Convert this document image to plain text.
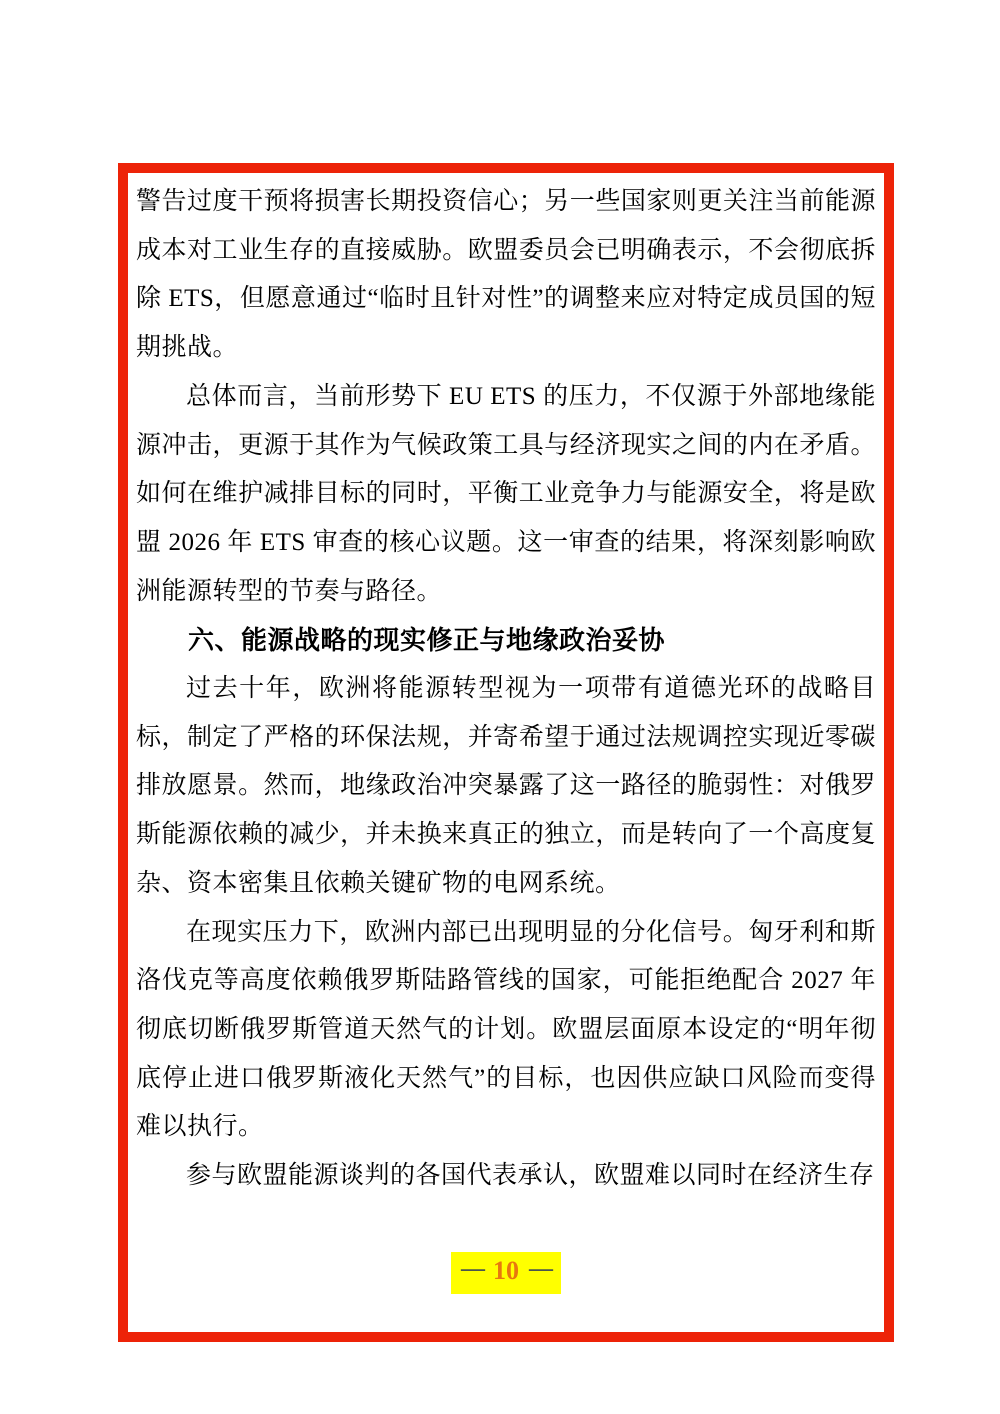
警告过度干预将损害长期投资信心；另一些国家则更关注当前能源成本对工业生存的直接威胁。欧盟委员会已明确表示，不会彻底拆除 ETS，但愿意通过“临时且针对性”的调整来应对特定成员国的短期挑战。

总体而言，当前形势下 EU ETS 的压力，不仅源于外部地缘能源冲击，更源于其作为气候政策工具与经济现实之间的内在矛盾。如何在维护减排目标的同时，平衡工业竞争力与能源安全，将是欧盟 2026 年 ETS 审查的核心议题。这一审查的结果，将深刻影响欧洲能源转型的节奏与路径。

六、能源战略的现实修正与地缘政治妥协

过去十年，欧洲将能源转型视为一项带有道德光环的战略目标，制定了严格的环保法规，并寄希望于通过法规调控实现近零碳排放愿景。然而，地缘政治冲突暴露了这一路径的脆弱性：对俄罗斯能源依赖的减少，并未换来真正的独立，而是转向了一个高度复杂、资本密集且依赖关键矿物的电网系统。

在现实压力下，欧洲内部已出现明显的分化信号。匈牙利和斯洛伐克等高度依赖俄罗斯陆路管线的国家，可能拒绝配合 2027 年彻底切断俄罗斯管道天然气的计划。欧盟层面原本设定的“明年彻底停止进口俄罗斯液化天然气”的目标，也因供应缺口风险而变得难以执行。

参与欧盟能源谈判的各国代表承认，欧盟难以同时在经济生存

— 10 —
